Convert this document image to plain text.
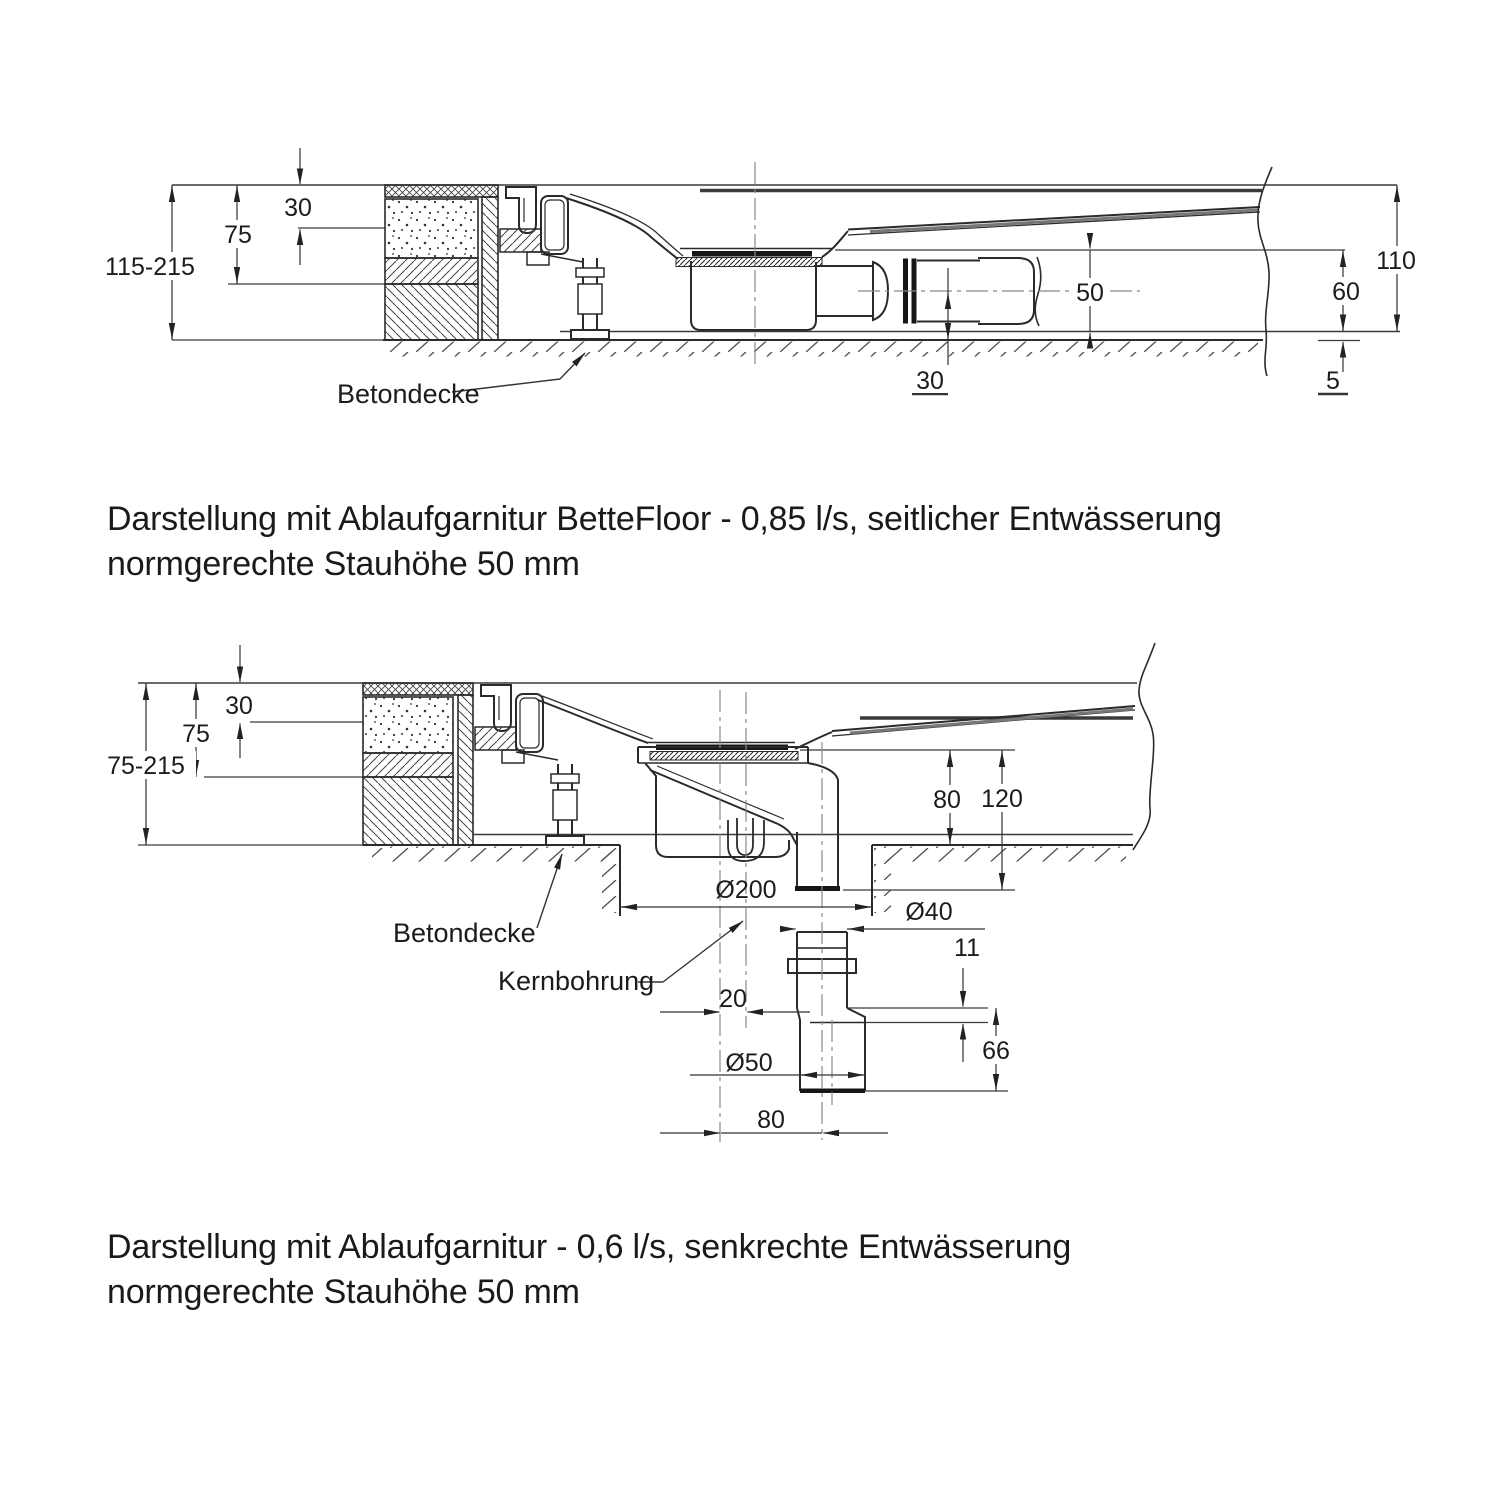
30
75
115-215
30
50	60
110
5
Betondecke
Darstellung mit Ablaufgarnitur BetteFloor - 0,85 l/s, seitlicher Entwässerung
normgerechte Stauhöhe 50 mm
30
75
75-215
Ø200
Ø40
11
20
Ø50	66
80
80 120
Betondecke
Kernbohrung
Darstellung mit Ablaufgarnitur - 0,6 l/s, senkrechte Entwässerung
normgerechte Stauhöhe 50 mm
